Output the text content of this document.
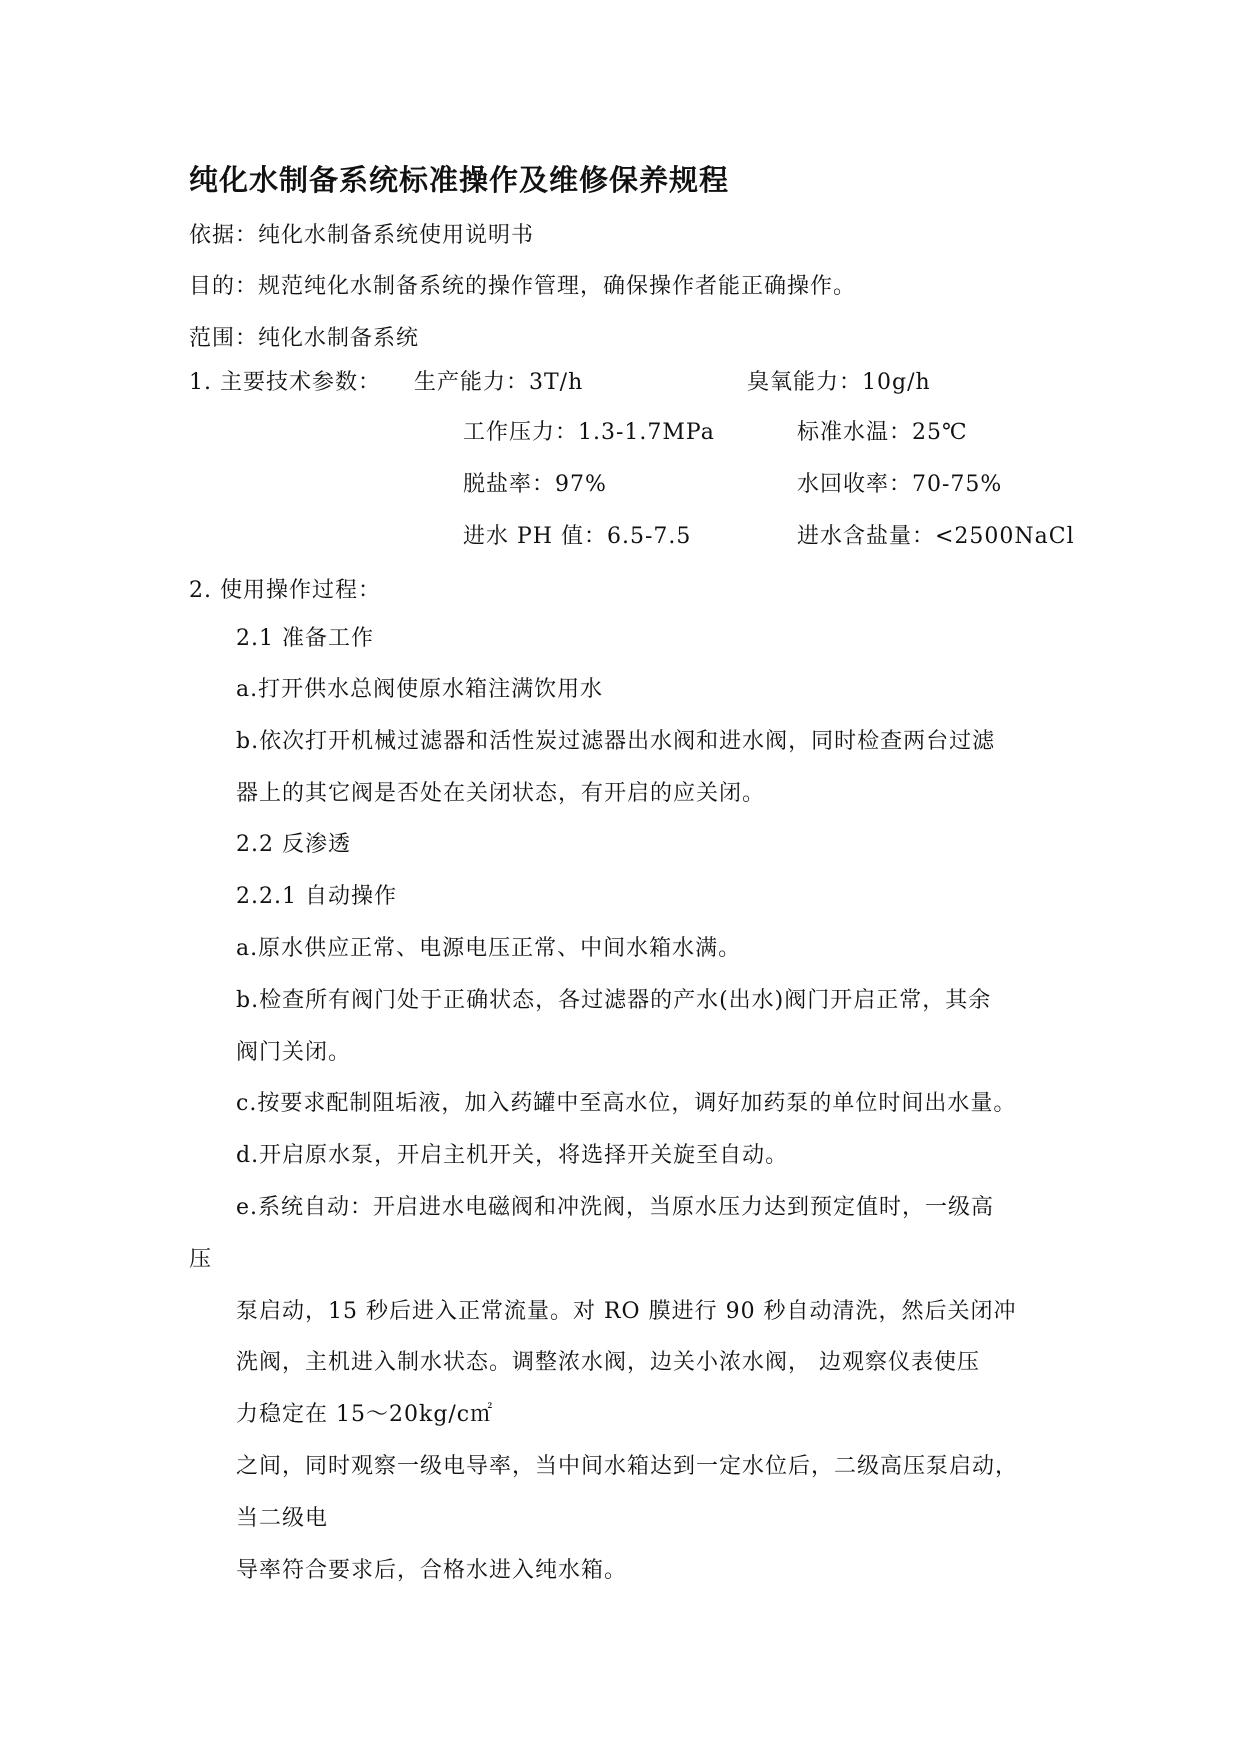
纯化水制备系统标准操作及维修保养规程
依据：纯化水制备系统使用说明书
目的：规范纯化水制备系统的操作管理，确保操作者能正确操作。
范围：纯化水制备系统
1. 主要技术参数： 生产能力：3T/h	臭氧能力：10g/h
工作压力：1.3-1.7MPa	标准水温：25℃
脱盐率：97%	水回收率：70-75%
进水 PH 值：6.5-7.5	进水含盐量：<2500NaCl
2. 使用操作过程：
2.1 准备工作
a.打开供水总阀使原水箱注满饮用水
b.依次打开机械过滤器和活性炭过滤器出水阀和进水阀，同时检查两台过滤
器上的其它阀是否处在关闭状态，有开启的应关闭。
2.2 反渗透
2.2.1 自动操作
a.原水供应正常、电源电压正常、中间水箱水满。
b.检查所有阀门处于正确状态，各过滤器的产水(出水)阀门开启正常，其余
阀门关闭。
c.按要求配制阻垢液，加入药罐中至高水位，调好加药泵的单位时间出水量。
d.开启原水泵，开启主机开关，将选择开关旋至自动。
e.系统自动：开启进水电磁阀和冲洗阀，当原水压力达到预定值时，一级高
压
泵启动，15 秒后进入正常流量。对 RO 膜进行 90 秒自动清洗，然后关闭冲
洗阀，主机进入制水状态。调整浓水阀，边关小浓水阀， 边观察仪表使压
力稳定在 15～20kg/c㎡
之间，同时观察一级电导率，当中间水箱达到一定水位后，二级高压泵启动，
当二级电
导率符合要求后，合格水进入纯水箱。
